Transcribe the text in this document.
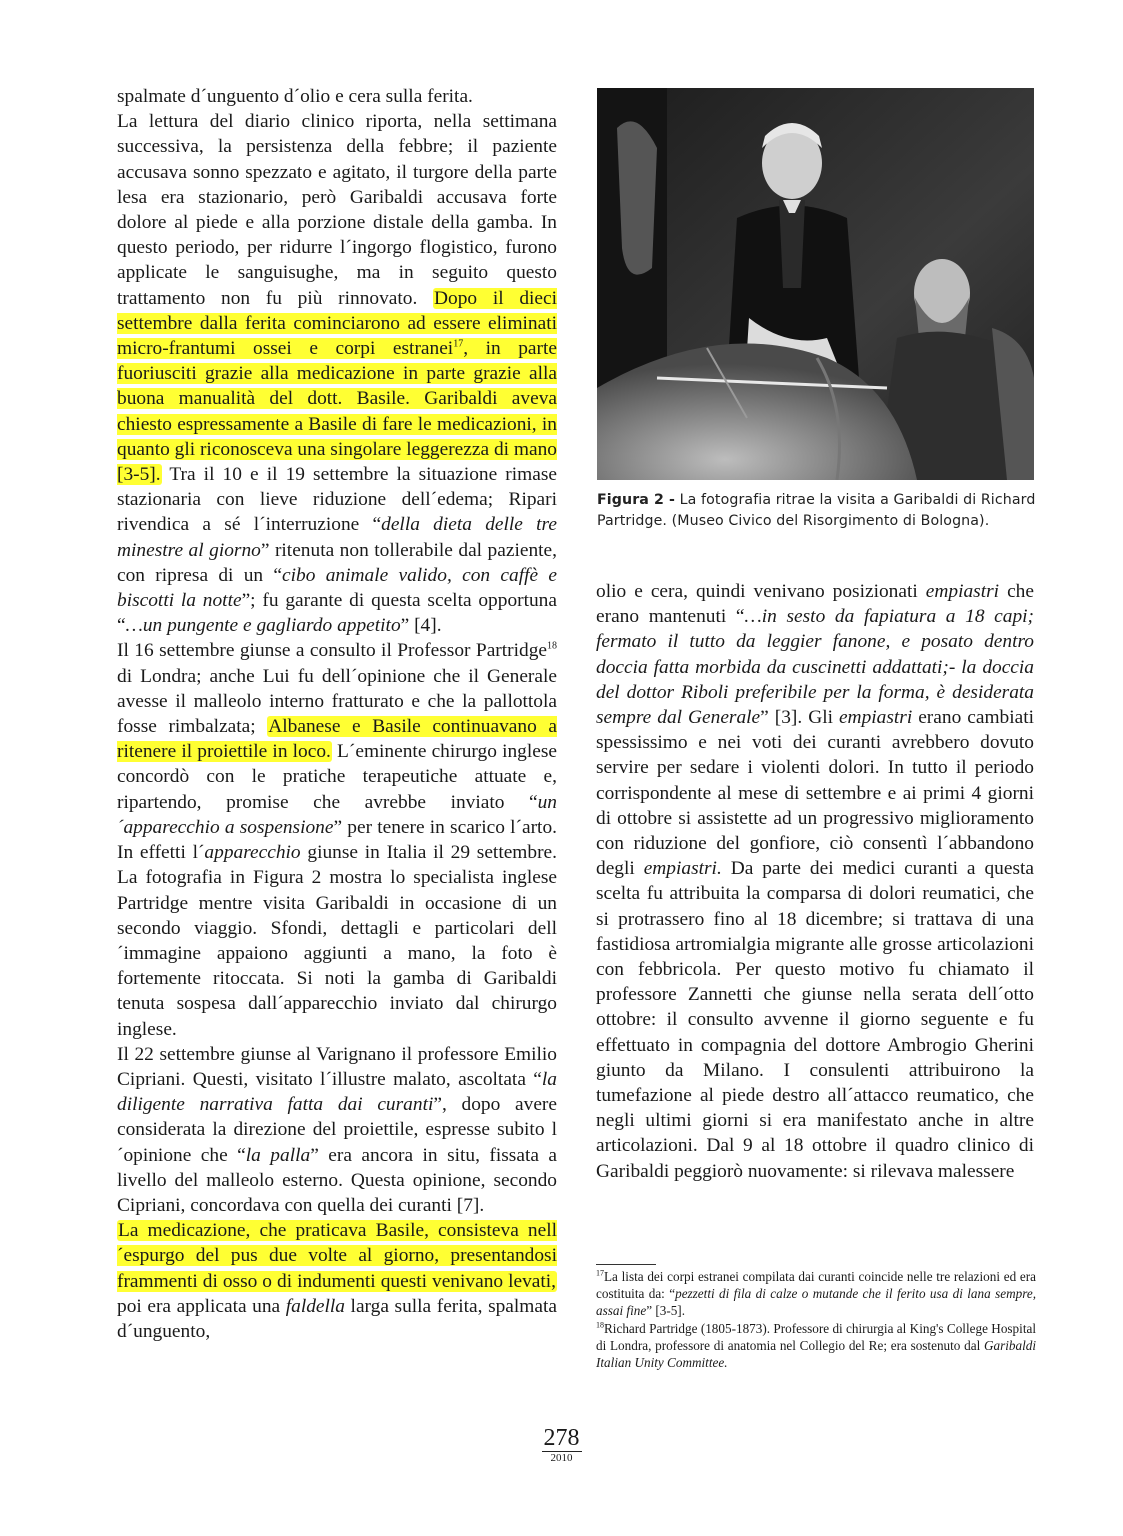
spalmate d´unguento d´olio e cera sulla ferita.

La lettura del diario clinico riporta, nella settimana successiva, la persistenza della febbre; il paziente accusava sonno spezzato e agitato, il turgore della parte lesa era stazionario, però Garibaldi accusava forte dolore al piede e alla porzione distale della gamba. In questo periodo, per ridurre l´ingorgo flogistico, furono applicate le sanguisughe, ma in seguito questo trattamento non fu più rinnovato. Dopo il dieci settembre dalla ferita cominciarono ad essere eliminati micro-frantumi ossei e corpi estranei$^{17}$, in parte fuoriusciti grazie alla medicazione in parte grazie alla buona manualità del dott. Basile. Garibaldi aveva chiesto espressamente a Basile di fare le medicazioni, in quanto gli riconosceva una singolare leggerezza di mano [3-5]. Tra il 10 e il 19 settembre la situazione rimase stazionaria con lieve riduzione dell´edema; Ripari rivendica a sé l´interruzione “della dieta delle tre minestre al giorno” ritenuta non tollerabile dal paziente, con ripresa di un “cibo animale valido, con caffè e biscotti la notte”; fu garante di questa scelta opportuna “…un pungente e gagliardo appetito” [4].

Il 16 settembre giunse a consulto il Professor Partridge$^{18}$ di Londra; anche Lui fu dell´opinione che il Generale avesse il malleolo interno fratturato e che la pallottola fosse rimbalzata; Albanese e Basile continuavano a ritenere il proiettile in loco. L´eminente chirurgo inglese concordò con le pratiche terapeutiche attuate e, ripartendo, promise che avrebbe inviato “un´apparecchio a sospensione” per tenere in scarico l´arto. In effetti l´apparecchio giunse in Italia il 29 settembre. La fotografia in Figura 2 mostra lo specialista inglese Partridge mentre visita Garibaldi in occasione di un secondo viaggio. Sfondi, dettagli e particolari dell´immagine appaiono aggiunti a mano, la foto è fortemente ritoccata. Si noti la gamba di Garibaldi tenuta sospesa dall´apparecchio inviato dal chirurgo inglese.

Il 22 settembre giunse al Varignano il professore Emilio Cipriani. Questi, visitato l´illustre malato, ascoltata “la diligente narrativa fatta dai curanti”, dopo avere considerata la direzione del proiettile, espresse subito l´opinione che “la palla” era ancora in situ, fissata a livello del malleolo esterno. Questa opinione, secondo Cipriani, concordava con quella dei curanti [7].

La medicazione, che praticava Basile, consisteva nell´espurgo del pus due volte al giorno, presentandosi frammenti di osso o di indumenti questi venivano levati, poi era applicata una faldella larga sulla ferita, spalmata d´unguento,

Figura 2 - La fotografia ritrae la visita a Garibaldi di Richard Partridge. (Museo Civico del Risorgimento di Bologna).

olio e cera, quindi venivano posizionati empiastri che erano mantenuti “…in sesto da fapiatura a 18 capi; fermato il tutto da leggier fanone, e posato dentro doccia fatta morbida da cuscinetti addattati;- la doccia del dottor Riboli preferibile per la forma, è desiderata sempre dal Generale” [3]. Gli empiastri erano cambiati spessissimo e nei voti dei curanti avrebbero dovuto servire per sedare i violenti dolori. In tutto il periodo corrispondente al mese di settembre e ai primi 4 giorni di ottobre si assistette ad un progressivo miglioramento con riduzione del gonfiore, ciò consentì l´abbandono degli empiastri. Da parte dei medici curanti a questa scelta fu attribuita la comparsa di dolori reumatici, che si protrassero fino al 18 dicembre; si trattava di una fastidiosa artromialgia migrante alle grosse articolazioni con febbricola. Per questo motivo fu chiamato il professore Zannetti che giunse nella serata dell´otto ottobre: il consulto avvenne il giorno seguente e fu effettuato in compagnia del dottore Ambrogio Gherini giunto da Milano. I consulenti attribuirono la tumefazione al piede destro all´attacco reumatico, che negli ultimi giorni si era manifestato anche in altre articolazioni. Dal 9 al 18 ottobre il quadro clinico di Garibaldi peggiorò nuovamente: si rilevava malessere

$^{17}$La lista dei corpi estranei compilata dai curanti coincide nelle tre relazioni ed era costituita da: “pezzetti di fila di calze o mutande che il ferito usa di lana sempre, assai fine” [3-5].

$^{18}$Richard Partridge (1805-1873). Professore di chirurgia al King's College Hospital di Londra, professore di anatomia nel Collegio del Re; era sostenuto dal Garibaldi Italian Unity Committee.

278
2010
